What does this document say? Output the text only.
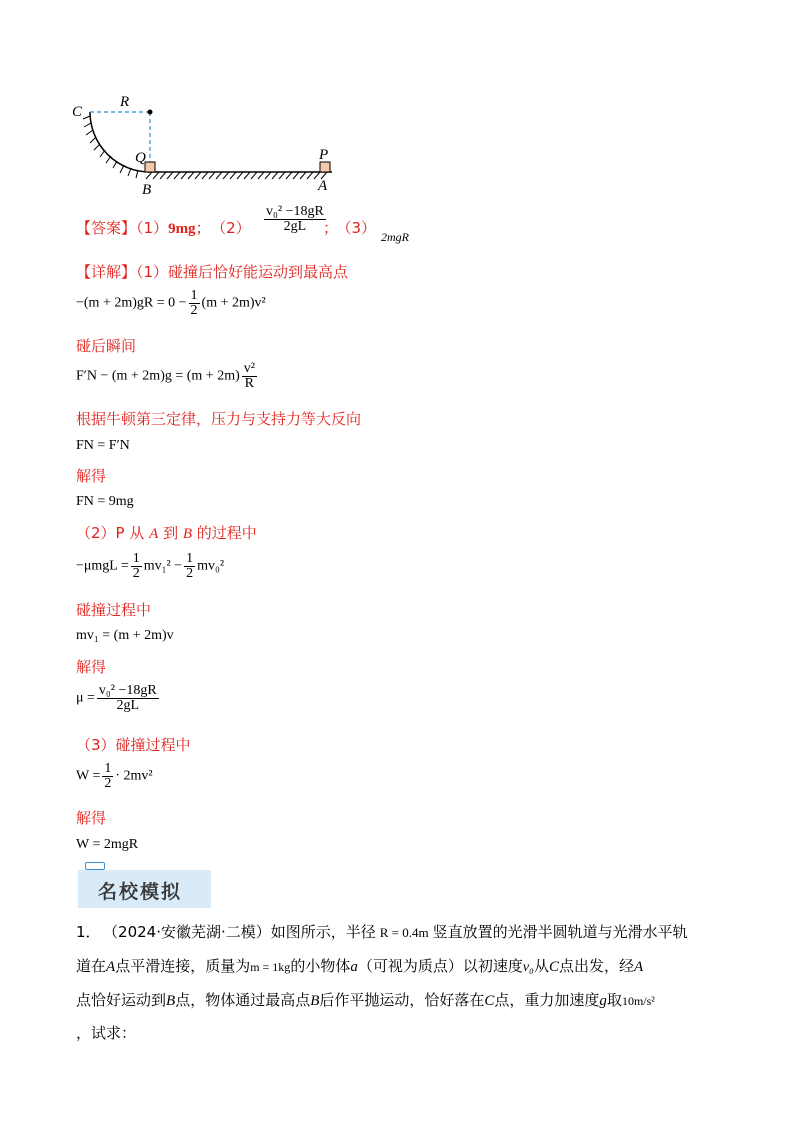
C
R
Q
B
P
A
【答案】（1）9mg； $(2) \frac{\text{v₀² −18gR}}{2gL}$
； （3） 2mgR
【详解】（1）碰撞后恰好能运动到最高点
$-(m + 2m)gR = 0 - \frac{1}{2} (m + 2m)v^2$
碰后瞬间
$F'N - (m + 2m)g = (m + 2m) \frac{\text{v²}}{R}$
根据牛顿第三定律，压力与支持力等大反向
FN = F′N
解得
FN = 9mg
（2）P 从 A 到 B 的过程中
$-\mu mgL = \frac{1}{2} mv_1^2 - \frac{1}{2} mv_0^2$
碰撞过程中
mv₁ = (m + 2m)v
解得
$\mu = \frac{\text{v₀² −18gR}}{2gL}$
（3）碰撞过程中
$W = \frac{1}{2} \cdot 2mv^2$
解得
W = 2mgR
名校模拟
1． （2024·安徽芜湖·二模）如图所示，半径 R = 0.4m 竖直放置的光滑半圆轨道与光滑水平轨
道在A点平滑连接，质量为m = 1kg的小物体a（可视为质点）以初速度v₀从C点出发，经A
点恰好运动到B点，物体通过最高点B后作平抛运动，恰好落在C点，重力加速度g取10m/s²
，试求：
